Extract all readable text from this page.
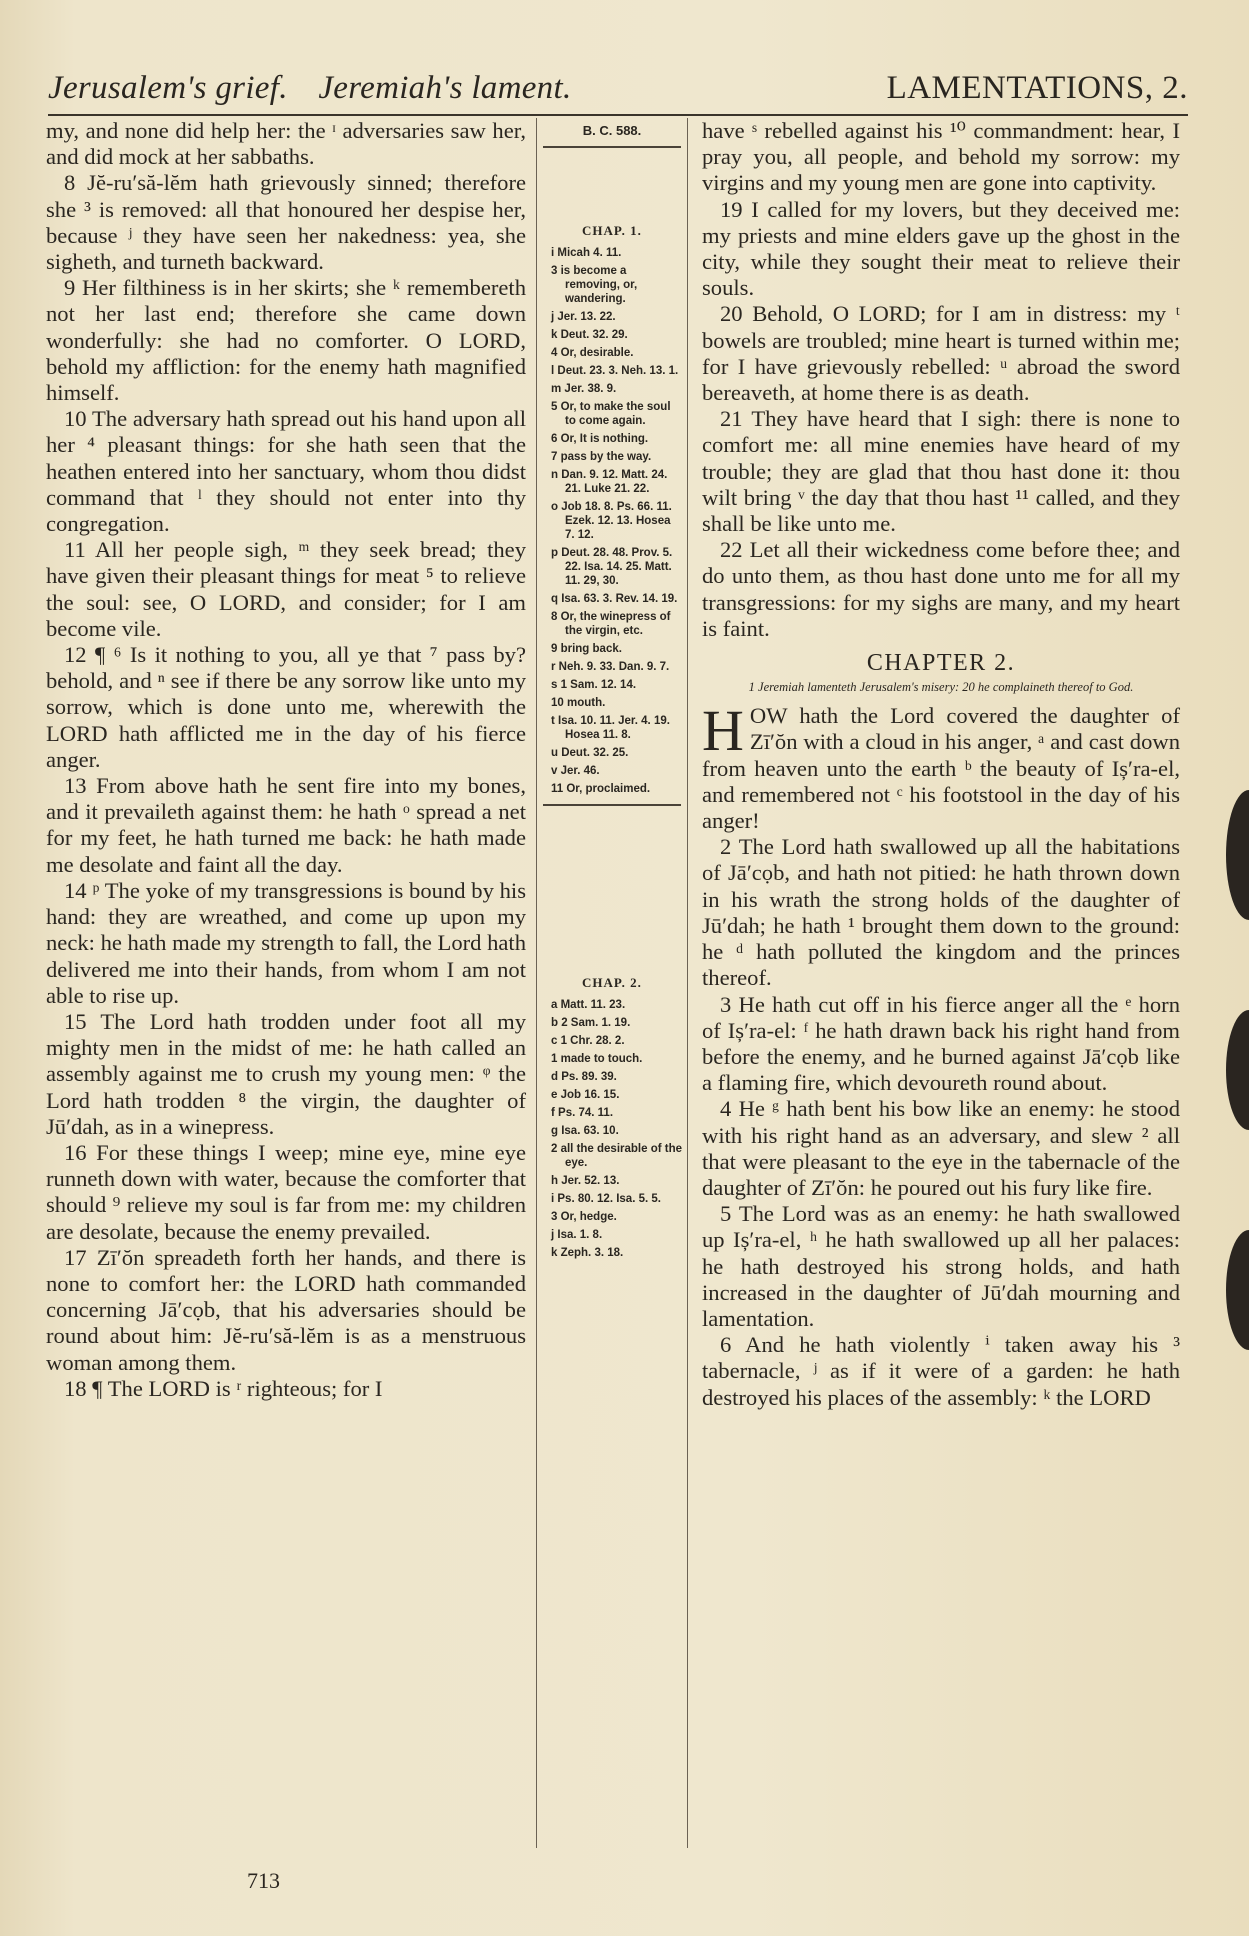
Jerusalem's grief. Jeremiah's lament.	LAMENTATIONS, 2.

my, and none did help her: the ᶦ adversaries saw her, and did mock at her sabbaths.

8 Jĕ-ru′să-lĕm hath grievously sinned; therefore she ³ is removed: all that honoured her despise her, because ʲ they have seen her nakedness: yea, she sigheth, and turneth backward.

9 Her filthiness is in her skirts; she ᵏ remembereth not her last end; therefore she came down wonderfully: she had no comforter. O LORD, behold my affliction: for the enemy hath magnified himself.

10 The adversary hath spread out his hand upon all her ⁴ pleasant things: for she hath seen that the heathen entered into her sanctuary, whom thou didst command that ˡ they should not enter into thy congregation.

11 All her people sigh, ᵐ they seek bread; they have given their pleasant things for meat ⁵ to relieve the soul: see, O LORD, and consider; for I am become vile.

12 ¶ ⁶ Is it nothing to you, all ye that ⁷ pass by? behold, and ⁿ see if there be any sorrow like unto my sorrow, which is done unto me, wherewith the LORD hath afflicted me in the day of his fierce anger.

13 From above hath he sent fire into my bones, and it prevaileth against them: he hath ᵒ spread a net for my feet, he hath turned me back: he hath made me desolate and faint all the day.

14 ᵖ The yoke of my transgressions is bound by his hand: they are wreathed, and come up upon my neck: he hath made my strength to fall, the Lord hath delivered me into their hands, from whom I am not able to rise up.

15 The Lord hath trodden under foot all my mighty men in the midst of me: he hath called an assembly against me to crush my young men: ᵠ the Lord hath trodden ⁸ the virgin, the daughter of Jū′dah, as in a winepress.

16 For these things I weep; mine eye, mine eye runneth down with water, because the comforter that should ⁹ relieve my soul is far from me: my children are desolate, because the enemy prevailed.

17 Zī′ŏn spreadeth forth her hands, and there is none to comfort her: the LORD hath commanded concerning Jā′cọb, that his adversaries should be round about him: Jĕ-ru′să-lĕm is as a menstruous woman among them.

18 ¶ The LORD is ʳ righteous; for I

B. C. 588.
CHAP. 1.
i Micah 4. 11.
3 is become a removing, or, wandering.
j Jer. 13. 22.
k Deut. 32. 29.
4 Or, desirable.
l Deut. 23. 3. Neh. 13. 1.
m Jer. 38. 9.
5 Or, to make the soul to come again.
6 Or, It is nothing.
7 pass by the way.
n Dan. 9. 12. Matt. 24. 21. Luke 21. 22.
o Job 18. 8. Ps. 66. 11. Ezek. 12. 13. Hosea 7. 12.
p Deut. 28. 48. Prov. 5. 22. Isa. 14. 25. Matt. 11. 29, 30.
q Isa. 63. 3. Rev. 14. 19.
8 Or, the winepress of the virgin, etc.
9 bring back.
r Neh. 9. 33. Dan. 9. 7.
s 1 Sam. 12. 14.
10 mouth.
t Isa. 10. 11. Jer. 4. 19. Hosea 11. 8.
u Deut. 32. 25.
v Jer. 46.
11 Or, proclaimed.
CHAP. 2.
a Matt. 11. 23.
b 2 Sam. 1. 19.
c 1 Chr. 28. 2.
1 made to touch.
d Ps. 89. 39.
e Job 16. 15.
f Ps. 74. 11.
g Isa. 63. 10.
2 all the desirable of the eye.
h Jer. 52. 13.
i Ps. 80. 12. Isa. 5. 5.
3 Or, hedge.
j Isa. 1. 8.
k Zeph. 3. 18.

have ˢ rebelled against his ¹⁰ commandment: hear, I pray you, all people, and behold my sorrow: my virgins and my young men are gone into captivity.

19 I called for my lovers, but they deceived me: my priests and mine elders gave up the ghost in the city, while they sought their meat to relieve their souls.

20 Behold, O LORD; for I am in distress: my ᵗ bowels are troubled; mine heart is turned within me; for I have grievously rebelled: ᵘ abroad the sword bereaveth, at home there is as death.

21 They have heard that I sigh: there is none to comfort me: all mine enemies have heard of my trouble; they are glad that thou hast done it: thou wilt bring ᵛ the day that thou hast ¹¹ called, and they shall be like unto me.

22 Let all their wickedness come before thee; and do unto them, as thou hast done unto me for all my transgressions: for my sighs are many, and my heart is faint.

CHAPTER 2.
1 Jeremiah lamenteth Jerusalem's misery: 20 he complaineth thereof to God.

HOW hath the Lord covered the daughter of Zī′ŏn with a cloud in his anger, ᵃ and cast down from heaven unto the earth ᵇ the beauty of Iș′ra-el, and remembered not ᶜ his footstool in the day of his anger!

2 The Lord hath swallowed up all the habitations of Jā′cọb, and hath not pitied: he hath thrown down in his wrath the strong holds of the daughter of Jū′dah; he hath ¹ brought them down to the ground: he ᵈ hath polluted the kingdom and the princes thereof.

3 He hath cut off in his fierce anger all the ᵉ horn of Iș′ra-el: ᶠ he hath drawn back his right hand from before the enemy, and he burned against Jā′cọb like a flaming fire, which devoureth round about.

4 He ᵍ hath bent his bow like an enemy: he stood with his right hand as an adversary, and slew ² all that were pleasant to the eye in the tabernacle of the daughter of Zī′ŏn: he poured out his fury like fire.

5 The Lord was as an enemy: he hath swallowed up Iș′ra-el, ʰ he hath swallowed up all her palaces: he hath destroyed his strong holds, and hath increased in the daughter of Jū′dah mourning and lamentation.

6 And he hath violently ⁱ taken away his ³ tabernacle, ʲ as if it were of a garden: he hath destroyed his places of the assembly: ᵏ the LORD

713
